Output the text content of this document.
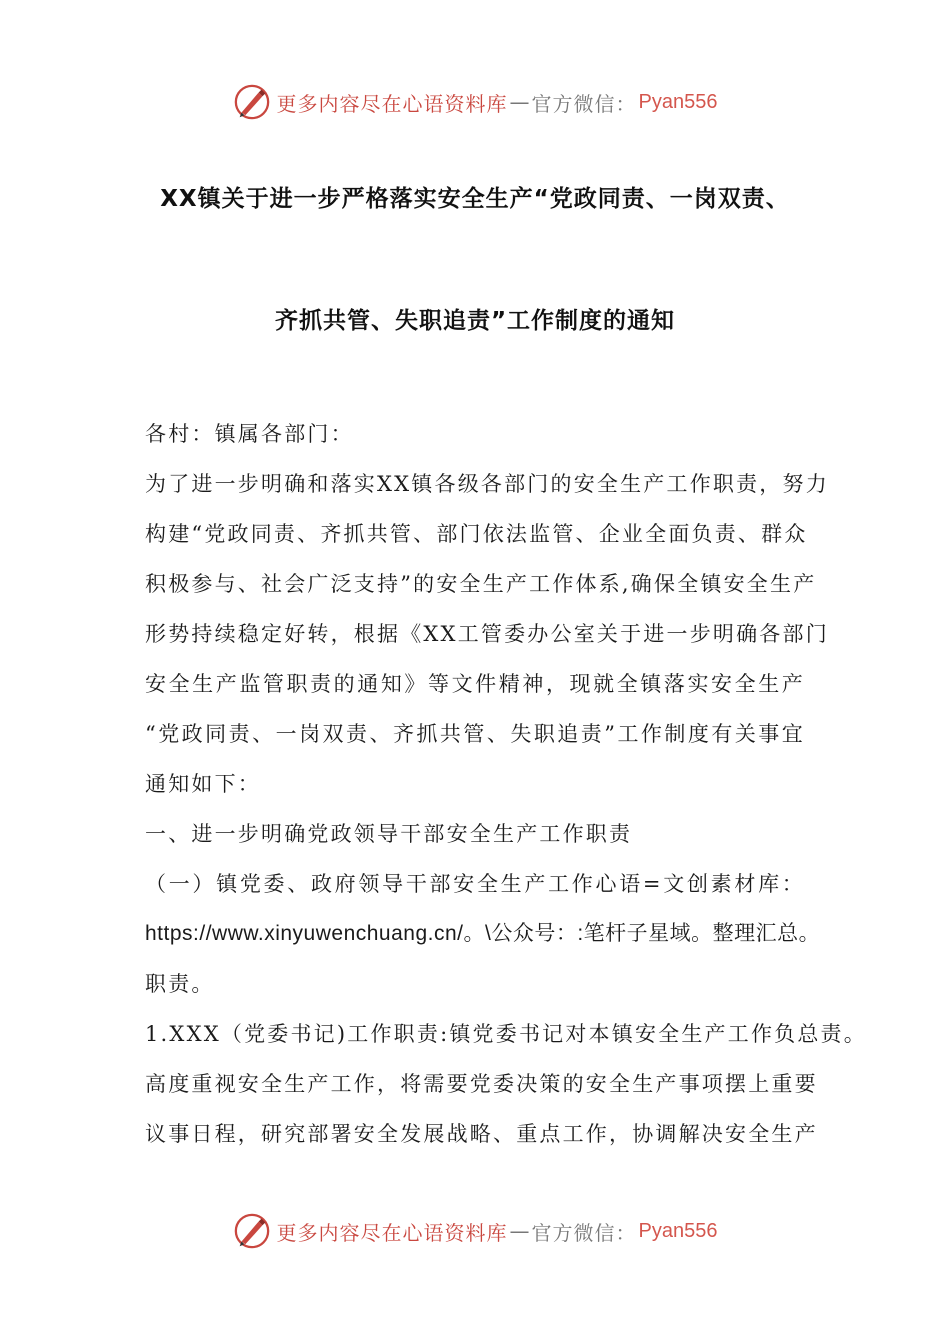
更多内容尽在心语资料库 — 官方微信： Pyan556
XX镇关于进一步严格落实安全生产“党政同责、一岗双责、
齐抓共管、失职追责”工作制度的通知
各村：镇属各部门：
为了进一步明确和落实XX镇各级各部门的安全生产工作职责，努力
构建“党政同责、齐抓共管、部门依法监管、企业全面负责、群众
积极参与、社会广泛支持”的安全生产工作体系,确保全镇安全生产
形势持续稳定好转，根据《XX工管委办公室关于进一步明确各部门
安全生产监管职责的通知》等文件精神，现就全镇落实安全生产
“党政同责、一岗双责、齐抓共管、失职追责”工作制度有关事宜
通知如下：
一、进一步明确党政领导干部安全生产工作职责
（一）镇党委、政府领导干部安全生产工作心语=文创素材库：
https://www.xinyuwenchuang.cn/。\公众号：:笔杆子星域。整理汇总。
职责。
1.XXX（党委书记)工作职责:镇党委书记对本镇安全生产工作负总责。
高度重视安全生产工作，将需要党委决策的安全生产事项摆上重要
议事日程，研究部署安全发展战略、重点工作，协调解决安全生产
更多内容尽在心语资料库 — 官方微信： Pyan556
